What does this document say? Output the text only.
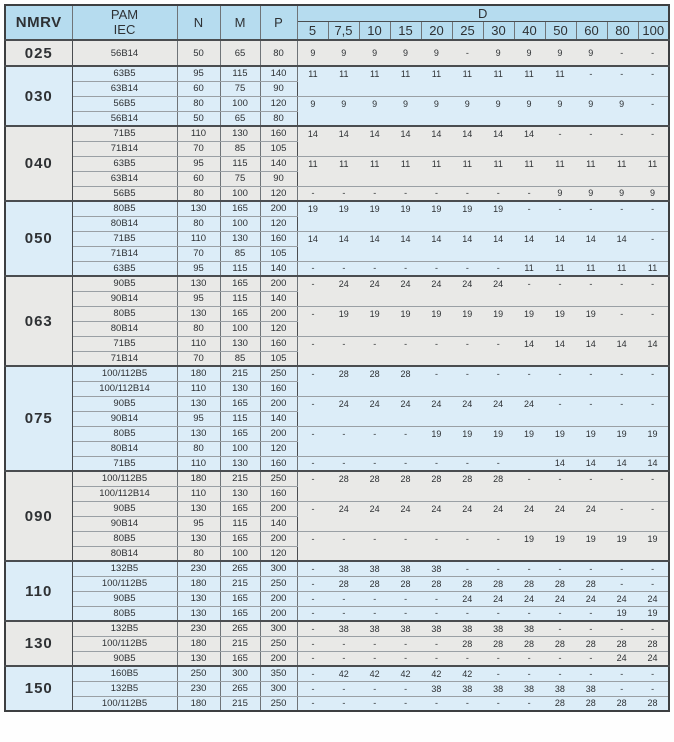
NMRV	PAM
IEC	N	M	P	D											
					5	7,5	10	15	20	25	30	40	50	60	80	100
025	56B14	50	65	80	9	9	9	9	9	-	9	9	9	9	-	-

030	63B5	95	115	140	11	11	11	11	11	11	11	11	11	-	-	-

	63B14	60	75	90												
56B5	80	100	120	9	9	9	9	9	9	9	9	9	9	9	-

	56B14	50	65	80												
040	71B5	110	130	160	14	14	14	14	14	14	14	14	-	-	-	-

	71B14	70	85	105												
63B5	95	115	140	11	11	11	11	11	11	11	11	11	11	11	11

	63B14	60	75	90												
56B5	80	100	120	-	-	-	-	-	-	-	-	9	9	9	9

050	80B5	130	165	200	19	19	19	19	19	19	19	-	-	-	-	-

	80B14	80	100	120												
71B5	110	130	160	14	14	14	14	14	14	14	14	14	14	14	-

	71B14	70	85	105												
63B5	95	115	140	-	-	-	-	-	-	-	11	11	11	11	11

063	90B5	130	165	200	-	24	24	24	24	24	24	-	-	-	-	-

	90B14	95	115	140												
80B5	130	165	200	-	19	19	19	19	19	19	19	19	19	-	-

	80B14	80	100	120												
71B5	110	130	160	-	-	-	-	-	-	-	14	14	14	14	14

	71B14	70	85	105												
075	100/112B5	180	215	250	-	28	28	28	-	-	-	-	-	-	-	-

	100/112B14	110	130	160												
90B5	130	165	200	-	24	24	24	24	24	24	24	-	-	-	-

	90B14	95	115	140												
80B5	130	165	200	-	-	-	-	19	19	19	19	19	19	19	19

	80B14	80	100	120												
71B5	110	130	160	-	-	-	-	-	-	-	14	14	14	14

090	100/112B5	180	215	250	-	28	28	28	28	28	28	-	-	-	-	-

	100/112B14	110	130	160												
90B5	130	165	200	-	24	24	24	24	24	24	24	24	24	-	-

	90B14	95	115	140												
80B5	130	165	200	-	-	-	-	-	-	-	19	19	19	19	19

	80B14	80	100	120												
110	132B5	230	265	300	-	38	38	38	38	-	-	-	-	-	-	-

100/112B5	180	215	250	-	28	28	28	28	28	28	28	28	28	-	-

90B5	130	165	200	-	-	-	-	-	24	24	24	24	24	24	24

80B5	130	165	200	-	-	-	-	-	-	-	-	-	-	19	19

130	132B5	230	265	300	-	38	38	38	38	38	38	38	-	-	-	-

100/112B5	180	215	250	-	-	-	-	-	28	28	28	28	28	28	28

90B5	130	165	200	-	-	-	-	-	-	-	-	-	-	24	24

150	160B5	250	300	350	-	42	42	42	42	42	-	-	-	-	-	-

132B5	230	265	300	-	-	-	-	38	38	38	38	38	38	-	-

100/112B5	180	215	250	-	-	-	-	-	-	-	-	28	28	28	28
